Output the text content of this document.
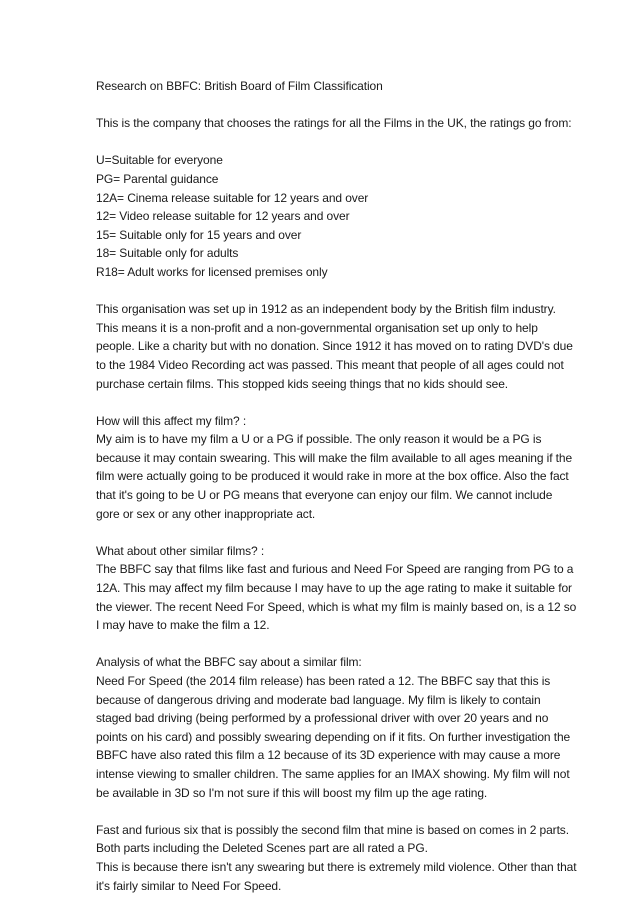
Research on BBFC: British Board of Film Classification

This is the company that chooses the ratings for all the Films in the UK, the ratings go from:

U=Suitable for everyone
PG= Parental guidance
12A= Cinema release suitable for 12 years and over
12= Video release suitable for 12 years and over
15= Suitable only for 15 years and over
18= Suitable only for adults
R18= Adult works for licensed premises only

This organisation was set up in 1912 as an independent body by the British film industry. This means it is a non-profit and a non-governmental organisation set up only to help people. Like a charity but with no donation. Since 1912 it has moved on to rating DVD's due to the 1984 Video Recording act was passed. This meant that people of all ages could not purchase certain films. This stopped kids seeing things that no kids should see.

How will this affect my film? :

My aim is to have my film a U or a PG if possible. The only reason it would be a PG is because it may contain swearing. This will make the film available to all ages meaning if the film were actually going to be produced it would rake in more at the box office. Also the fact that it's going to be U or PG means that everyone can enjoy our film. We cannot include gore or sex or any other inappropriate act.

What about other similar films? :

The BBFC say that films like fast and furious and Need For Speed are ranging from PG to a 12A. This may affect my film because I may have to up the age rating to make it suitable for the viewer. The recent Need For Speed, which is what my film is mainly based on, is a 12 so I may have to make the film a 12.

Analysis of what the BBFC say about a similar film:

Need For Speed (the 2014 film release) has been rated a 12. The BBFC say that this is because of dangerous driving and moderate bad language. My film is likely to contain staged bad driving (being performed by a professional driver with over 20 years and no points on his card) and possibly swearing depending on if it fits. On further investigation the BBFC have also rated this film a 12 because of its 3D experience with may cause a more intense viewing to smaller children. The same applies for an IMAX showing. My film will not be available in 3D so I'm not sure if this will boost my film up the age rating.

Fast and furious six that is possibly the second film that mine is based on comes in 2 parts. Both parts including the Deleted Scenes part are all rated a PG.

This is because there isn't any swearing but there is extremely mild violence. Other than that it's fairly similar to Need For Speed.
